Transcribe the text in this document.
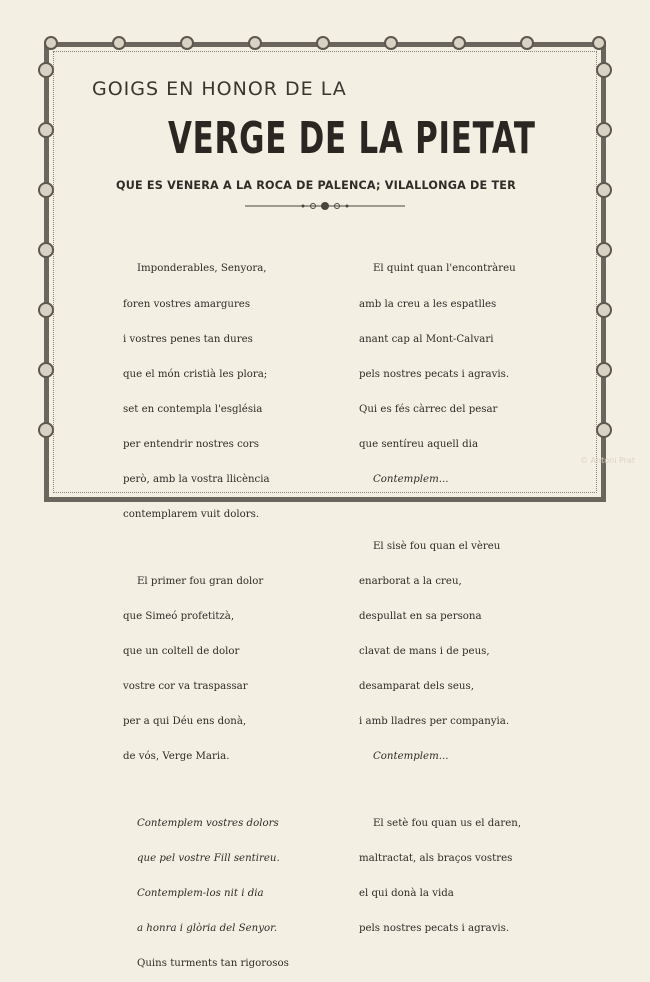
GOIGS EN HONOR DE LA
VERGE DE LA PIETAT
QUE ES VENERA A LA ROCA DE PALENCA; VILALLONGA DE TER

Imponderables, Senyora,

foren vostres amargures

i vostres penes tan dures

que el món cristià les plora;

set en contempla l'església

per entendrir nostres cors

però, amb la vostra llicència

contemplarem vuit dolors.

El primer fou gran dolor

que Simeó profetitzà,

que un coltell de dolor

vostre cor va traspassar

per a qui Déu ens donà,

de vós, Verge Maria.

Contemplem vostres dolors

que pel vostre Fill sentireu.

Contemplem-los nit i dia

a honra i glòria del Senyor.

Quins turments tan rigorosos

El quint quan l'encontràreu

amb la creu a les espatlles

anant cap al Mont-Calvari

pels nostres pecats i agravis.

Qui es fés càrrec del pesar

que sentíreu aquell dia

Contemplem...

El sisè fou quan el vèreu

enarborat a la creu,

despullat en sa persona

clavat de mans i de peus,

desamparat dels seus,

i amb lladres per companyia.

Contemplem...

El setè fou quan us el daren,

maltractat, als braços vostres

el qui donà la vida

pels nostres pecats i agravis.

© Antoni Prat
